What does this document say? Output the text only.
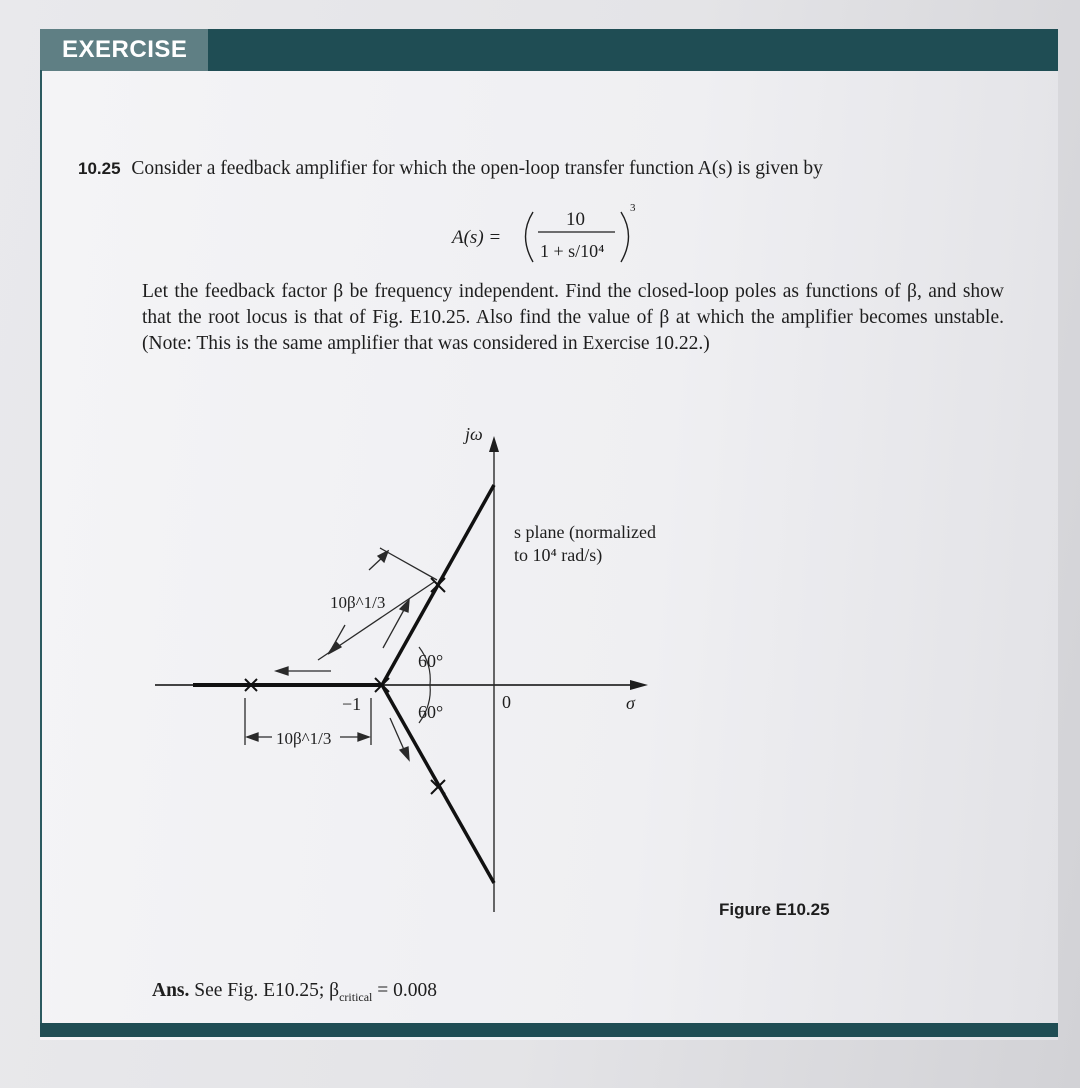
EXERCISE
10.25 Consider a feedback amplifier for which the open-loop transfer function A(s) is given by
Let the feedback factor β be frequency independent. Find the closed-loop poles as functions of β, and show that the root locus is that of Fig. E10.25. Also find the value of β at which the amplifier becomes unstable. (Note: This is the same amplifier that was considered in Exercise 10.22.)
A(s) =
10
1 + s/10⁴
3
jω
σ
0
−1
60°
60°
s plane (normalized
to 10⁴ rad/s)
10β^1/3
10β^1/3
Figure E10.25
Ans. See Fig. E10.25; $\beta_{critical} = 0.008$
